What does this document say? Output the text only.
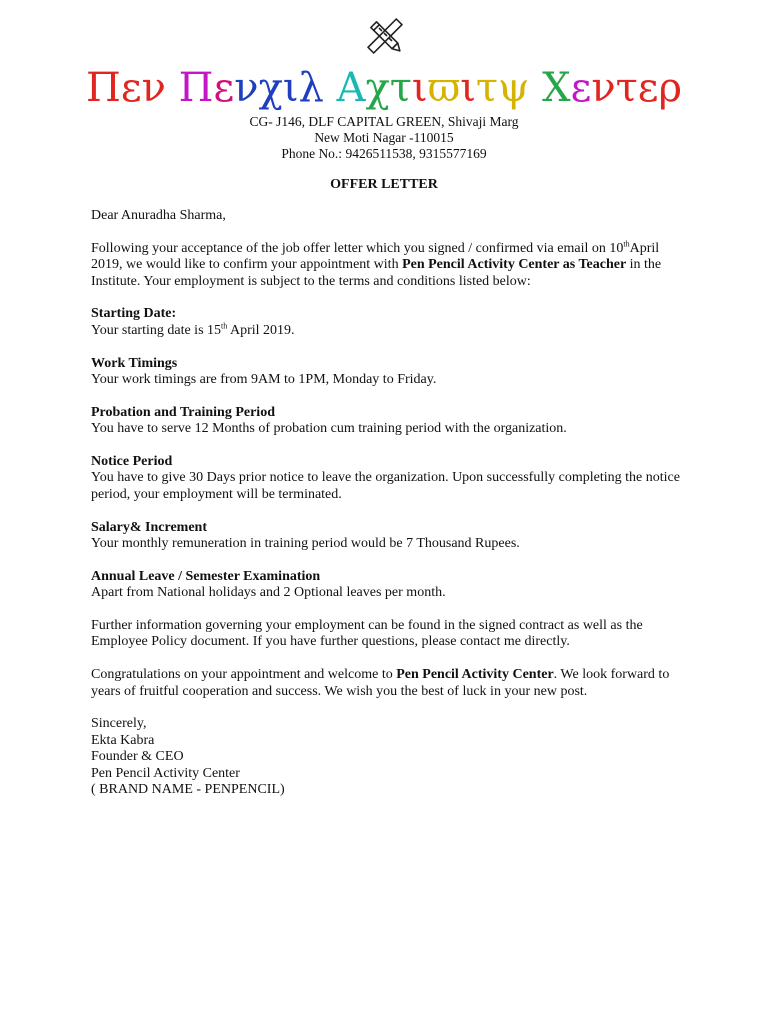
Πεν Πενχιλ Αχτιϖιτψ Χεντερ
CG- J146, DLF CAPITAL GREEN, Shivaji Marg
New Moti Nagar -110015
Phone No.: 9426511538, 9315577169
OFFER LETTER

Dear Anuradha Sharma,

Following your acceptance of the job offer letter which you signed / confirmed via email on 10thApril 2019, we would like to confirm your appointment with Pen Pencil Activity Center as Teacher in the Institute. Your employment is subject to the terms and conditions listed below:

Starting Date:

Your starting date is 15th April 2019.

Work Timings

Your work timings are from 9AM to 1PM, Monday to Friday.

Probation and Training Period

You have to serve 12 Months of probation cum training period with the organization.

Notice Period

You have to give 30 Days prior notice to leave the organization. Upon successfully completing the notice period, your employment will be terminated.

Salary& Increment

Your monthly remuneration in training period would be 7 Thousand Rupees.

Annual Leave / Semester Examination

Apart from National holidays and 2 Optional leaves per month.

Further information governing your employment can be found in the signed contract as well as the Employee Policy document. If you have further questions, please contact me directly.

Congratulations on your appointment and welcome to Pen Pencil Activity Center. We look forward to years of fruitful cooperation and success. We wish you the best of luck in your new post.

Sincerely,

Ekta Kabra

Founder & CEO

Pen Pencil Activity Center

( BRAND NAME - PENPENCIL)
